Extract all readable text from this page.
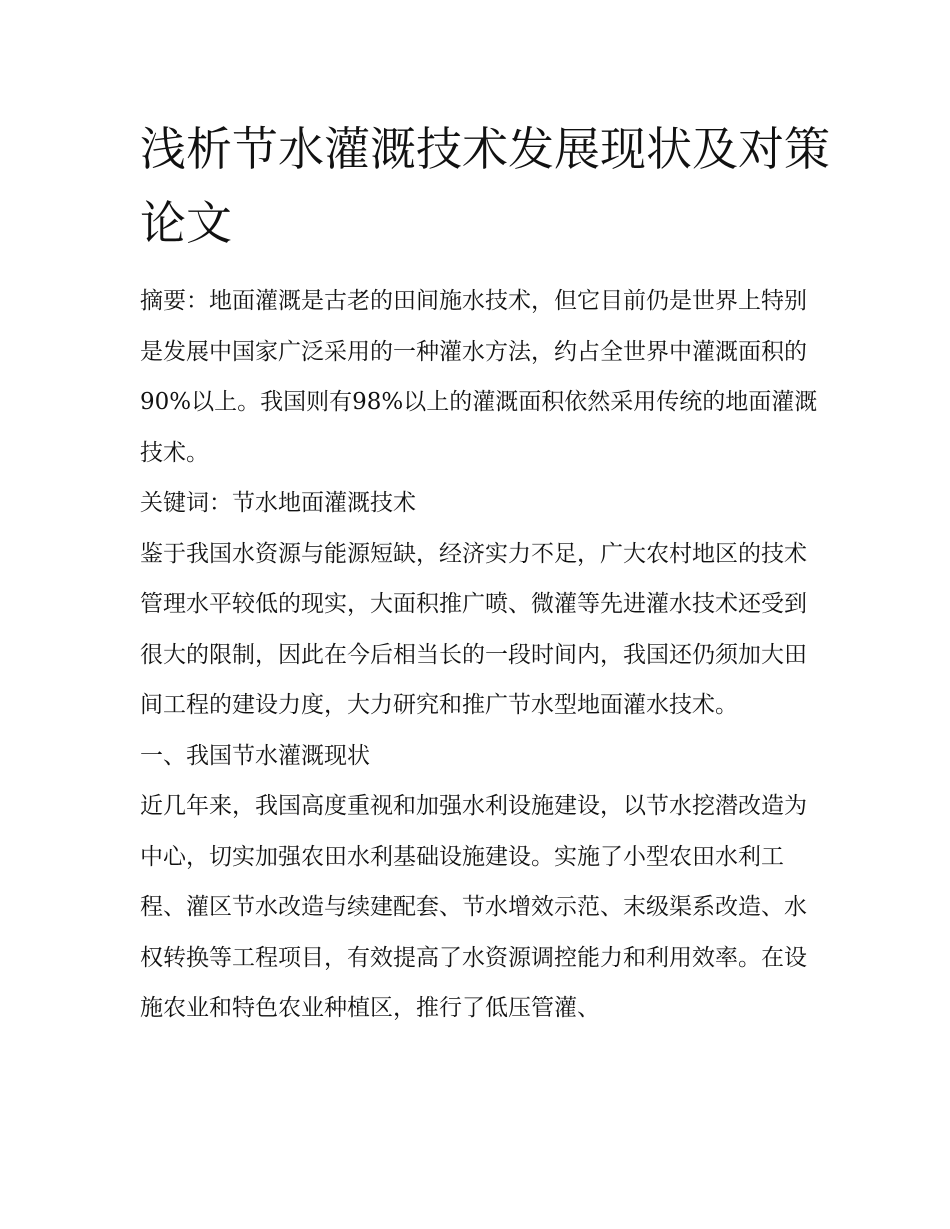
浅析节水灌溉技术发展现状及对策论文

摘要：地面灌溉是古老的田间施水技术，但它目前仍是世界上特别是发展中国家广泛采用的一种灌水方法，约占全世界中灌溉面积的90%以上。我国则有98%以上的灌溉面积依然采用传统的地面灌溉技术。

关键词：节水地面灌溉技术

鉴于我国水资源与能源短缺，经济实力不足，广大农村地区的技术管理水平较低的现实，大面积推广喷、微灌等先进灌水技术还受到很大的限制，因此在今后相当长的一段时间内，我国还仍须加大田间工程的建设力度，大力研究和推广节水型地面灌水技术。

一、我国节水灌溉现状

近几年来，我国高度重视和加强水利设施建设，以节水挖潜改造为中心，切实加强农田水利基础设施建设。实施了小型农田水利工程、灌区节水改造与续建配套、节水增效示范、末级渠系改造、水权转换等工程项目，有效提高了水资源调控能力和利用效率。在设施农业和特色农业种植区，推行了低压管灌、
